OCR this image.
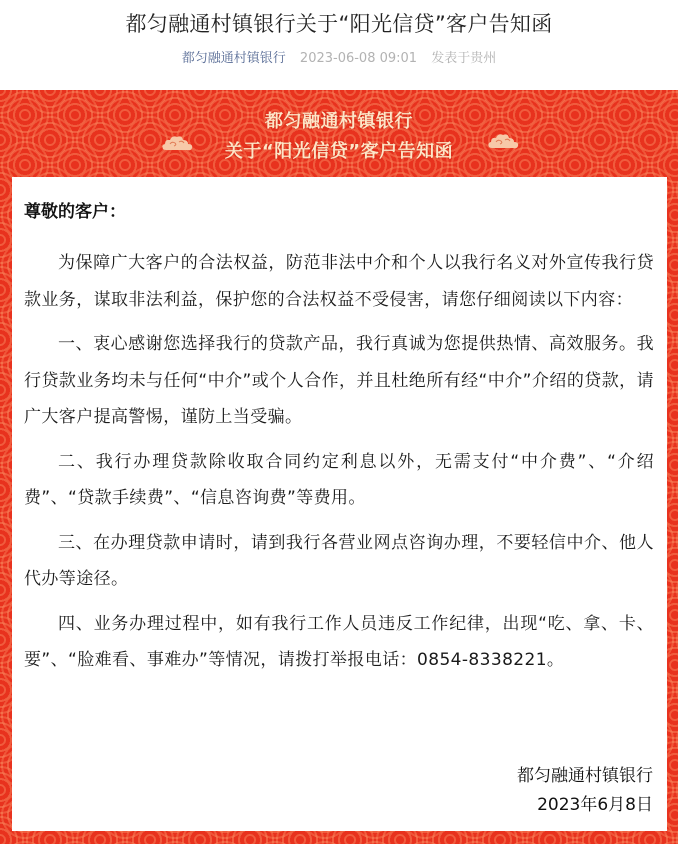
都匀融通村镇银行关于“阳光信贷”客户告知函
都匀融通村镇银行 2023-06-08 09:01 发表于贵州
都匀融通村镇银行
关于“阳光信贷”客户告知函
尊敬的客户：

为保障广大客户的合法权益，防范非法中介和个人以我行名义对外宣传我行贷款业务，谋取非法利益，保护您的合法权益不受侵害，请您仔细阅读以下内容：

一、衷心感谢您选择我行的贷款产品，我行真诚为您提供热情、高效服务。我行贷款业务均未与任何“中介”或个人合作，并且杜绝所有经“中介”介绍的贷款，请广大客户提高警惕，谨防上当受骗。

二、我行办理贷款除收取合同约定利息以外，无需支付“中介费”、“介绍费”、“贷款手续费”、“信息咨询费”等费用。

三、在办理贷款申请时，请到我行各营业网点咨询办理，不要轻信中介、他人代办等途径。

四、业务办理过程中，如有我行工作人员违反工作纪律，出现“吃、拿、卡、要”、“脸难看、事难办”等情况，请拨打举报电话：0854-8338221。

都匀融通村镇银行
2023年6月8日
